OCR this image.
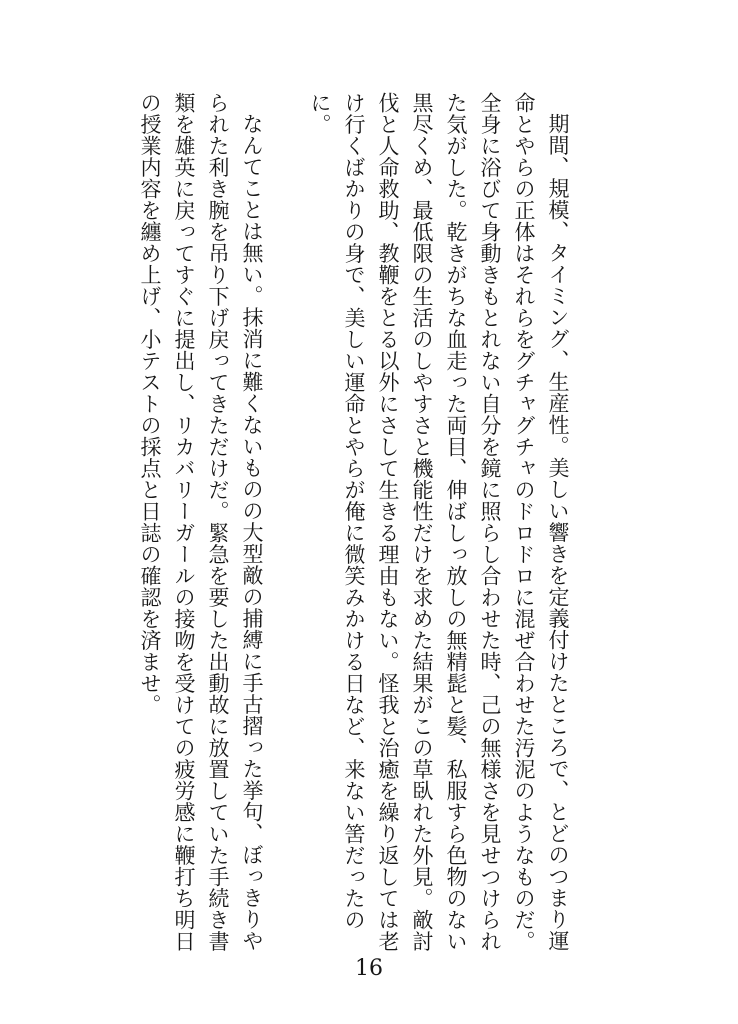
期間、規模、タイミング、生産性。美しい響きを定義付けたところで、とどのつまり運命とやらの正体はそれらをグチャグチャのドロドロに混ぜ合わせた汚泥のようなものだ。全身に浴びて身動きもとれない自分を鏡に照らし合わせた時、己の無様さを見せつけられた気がした。乾きがちな血走った両目、伸ばしっ放しの無精髭と髪、私服すら色物のない黒尽くめ、最低限の生活のしやすさと機能性だけを求めた結果がこの草臥れた外見。敵討伐と人命救助、教鞭をとる以外にさして生きる理由もない。怪我と治癒を繰り返しては老け行くばかりの身で、美しい運命とやらが俺に微笑みかける日など、来ない筈だったのに。

なんてことは無い。抹消に難くないものの大型敵の捕縛に手古摺った挙句、ぼっきりやられた利き腕を吊り下げ戻ってきただけだ。緊急を要した出動故に放置していた手続き書類を雄英に戻ってすぐに提出し、リカバリーガールの接吻を受けての疲労感に鞭打ち明日の授業内容を纏め上げ、小テストの採点と日誌の確認を済ませ。

16
